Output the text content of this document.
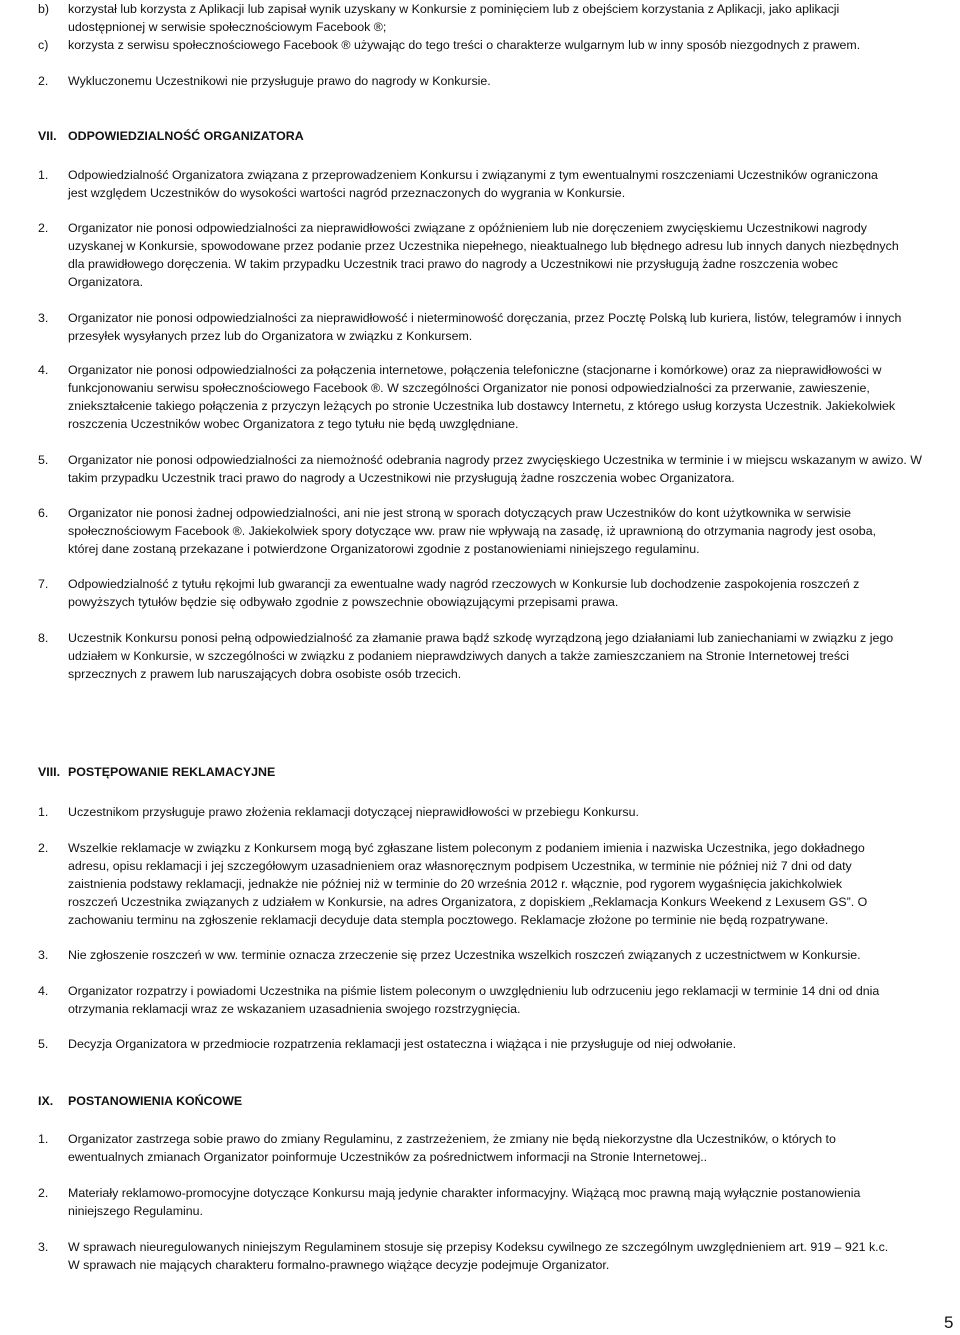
b) korzystał lub korzysta z Aplikacji lub zapisał wynik uzyskany w Konkursie z pominięciem lub z obejściem korzystania z Aplikacji, jako aplikacji
udostępnionej w serwisie społecznościowym Facebook ®;
c) korzysta z serwisu społecznościowego Facebook ® używając do tego treści o charakterze wulgarnym lub w inny sposób niezgodnych z prawem.
2. Wykluczonemu Uczestnikowi nie przysługuje prawo do nagrody w Konkursie.
VII. ODPOWIEDZIALNOŚĆ ORGANIZATORA
1. Odpowiedzialność Organizatora związana z przeprowadzeniem Konkursu i związanymi z tym ewentualnymi roszczeniami Uczestników ograniczona
jest względem Uczestników do wysokości wartości nagród przeznaczonych do wygrania w Konkursie.
2. Organizator nie ponosi odpowiedzialności za nieprawidłowości związane z opóźnieniem lub nie doręczeniem zwycięskiemu Uczestnikowi nagrody
uzyskanej w Konkursie, spowodowane przez podanie przez Uczestnika niepełnego, nieaktualnego lub błędnego adresu lub innych danych niezbędnych
dla prawidłowego doręczenia. W takim przypadku Uczestnik traci prawo do nagrody a Uczestnikowi nie przysługują żadne roszczenia wobec
Organizatora.
3. Organizator nie ponosi odpowiedzialności za nieprawidłowość i nieterminowość doręczania, przez Pocztę Polską lub kuriera, listów, telegramów i innych
przesyłek wysyłanych przez lub do Organizatora w związku z Konkursem.
4. Organizator nie ponosi odpowiedzialności za połączenia internetowe, połączenia telefoniczne (stacjonarne i komórkowe) oraz za nieprawidłowości w
funkcjonowaniu serwisu społecznościowego Facebook ®. W szczególności Organizator nie ponosi odpowiedzialności za przerwanie, zawieszenie,
zniekształcenie takiego połączenia z przyczyn leżących po stronie Uczestnika lub dostawcy Internetu, z którego usług korzysta Uczestnik. Jakiekolwiek
roszczenia Uczestników wobec Organizatora z tego tytułu nie będą uwzględniane.
5. Organizator nie ponosi odpowiedzialności za niemożność odebrania nagrody przez zwycięskiego Uczestnika w terminie i w miejscu wskazanym w awizo. W
takim przypadku Uczestnik traci prawo do nagrody a Uczestnikowi nie przysługują żadne roszczenia wobec Organizatora.
6. Organizator nie ponosi żadnej odpowiedzialności, ani nie jest stroną w sporach dotyczących praw Uczestników do kont użytkownika w serwisie
społecznościowym Facebook ®. Jakiekolwiek spory dotyczące ww. praw nie wpływają na zasadę, iż uprawnioną do otrzymania nagrody jest osoba,
której dane zostaną przekazane i potwierdzone Organizatorowi zgodnie z postanowieniami niniejszego regulaminu.
7. Odpowiedzialność z tytułu rękojmi lub gwarancji za ewentualne wady nagród rzeczowych w Konkursie lub dochodzenie zaspokojenia roszczeń z
powyższych tytułów będzie się odbywało zgodnie z powszechnie obowiązującymi przepisami prawa.
8. Uczestnik Konkursu ponosi pełną odpowiedzialność za złamanie prawa bądź szkodę wyrządzoną jego działaniami lub zaniechaniami w związku z jego
udziałem w Konkursie, w szczególności w związku z podaniem nieprawdziwych danych a także zamieszczaniem na Stronie Internetowej treści
sprzecznych z prawem lub naruszających dobra osobiste osób trzecich.
VIII. POSTĘPOWANIE REKLAMACYJNE
1. Uczestnikom przysługuje prawo złożenia reklamacji dotyczącej nieprawidłowości w przebiegu Konkursu.
2. Wszelkie reklamacje w związku z Konkursem mogą być zgłaszane listem poleconym z podaniem imienia i nazwiska Uczestnika, jego dokładnego
adresu, opisu reklamacji i jej szczegółowym uzasadnieniem oraz własnoręcznym podpisem Uczestnika, w terminie nie później niż 7 dni od daty
zaistnienia podstawy reklamacji, jednakże nie później niż w terminie do 20 września 2012 r. włącznie, pod rygorem wygaśnięcia jakichkolwiek
roszczeń Uczestnika związanych z udziałem w Konkursie, na adres Organizatora, z dopiskiem „Reklamacja Konkurs Weekend z Lexusem GS”. O
zachowaniu terminu na zgłoszenie reklamacji decyduje data stempla pocztowego. Reklamacje złożone po terminie nie będą rozpatrywane.
3. Nie zgłoszenie roszczeń w ww. terminie oznacza zrzeczenie się przez Uczestnika wszelkich roszczeń związanych z uczestnictwem w Konkursie.
4. Organizator rozpatrzy i powiadomi Uczestnika na piśmie listem poleconym o uwzględnieniu lub odrzuceniu jego reklamacji w terminie 14 dni od dnia
otrzymania reklamacji wraz ze wskazaniem uzasadnienia swojego rozstrzygnięcia.
5. Decyzja Organizatora w przedmiocie rozpatrzenia reklamacji jest ostateczna i wiążąca i nie przysługuje od niej odwołanie.
IX. POSTANOWIENIA KOŃCOWE
1. Organizator zastrzega sobie prawo do zmiany Regulaminu, z zastrzeżeniem, że zmiany nie będą niekorzystne dla Uczestników, o których to
ewentualnych zmianach Organizator poinformuje Uczestników za pośrednictwem informacji na Stronie Internetowej..
2. Materiały reklamowo-promocyjne dotyczące Konkursu mają jedynie charakter informacyjny. Wiążącą moc prawną mają wyłącznie postanowienia
niniejszego Regulaminu.
3. W sprawach nieuregulowanych niniejszym Regulaminem stosuje się przepisy Kodeksu cywilnego ze szczególnym uwzględnieniem art. 919 – 921 k.c.
W sprawach nie mających charakteru formalno-prawnego wiążące decyzje podejmuje Organizator.
5
